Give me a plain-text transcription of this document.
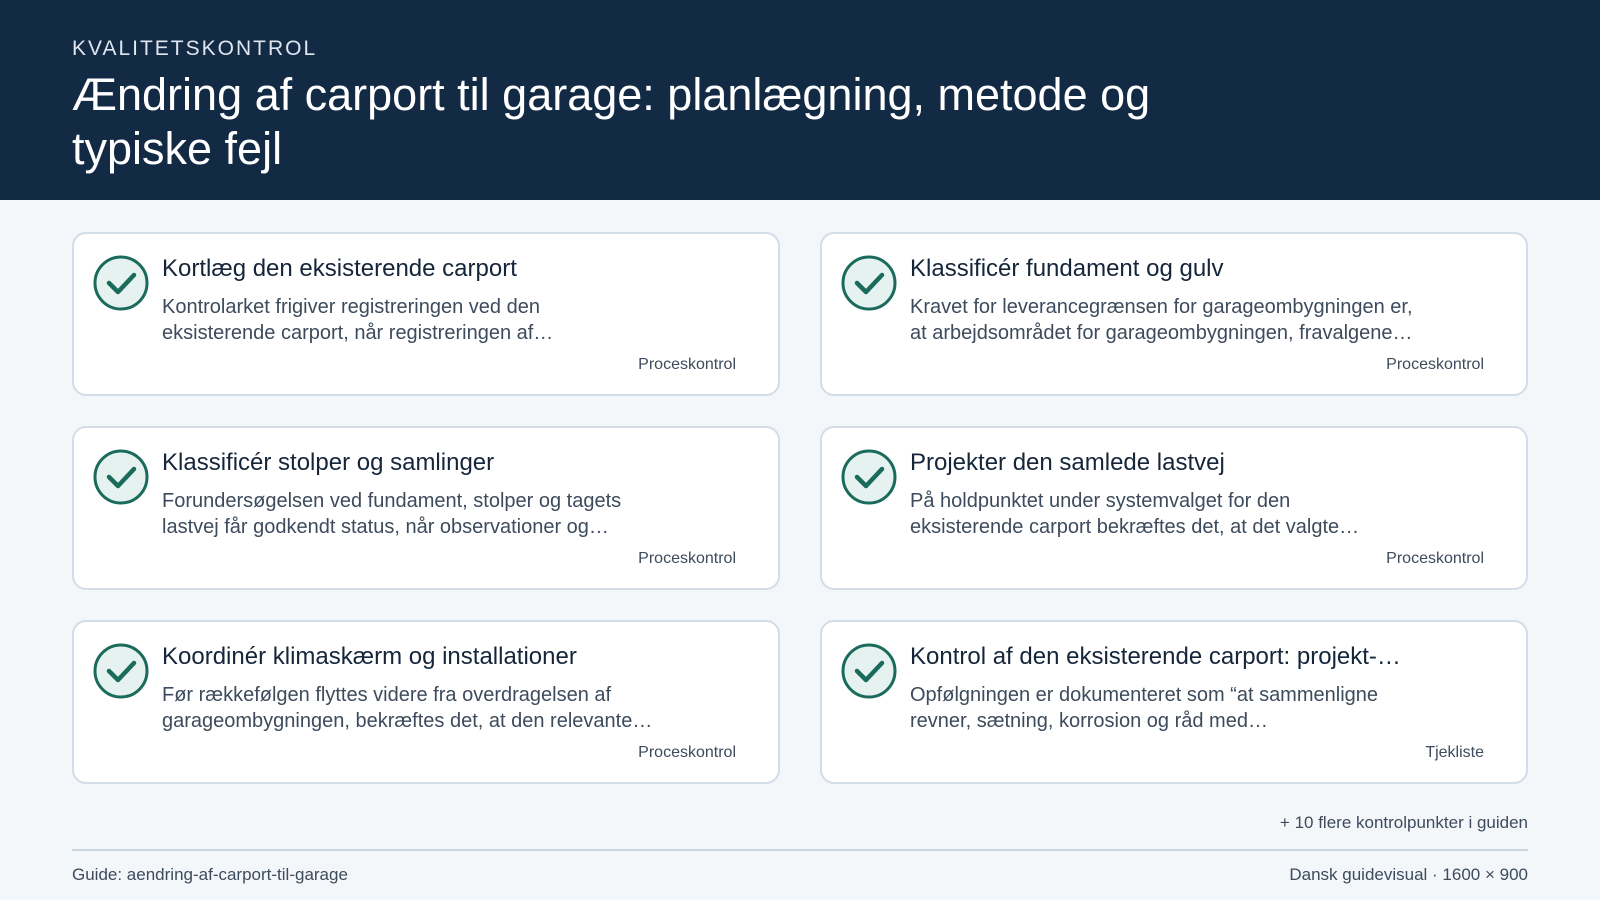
KVALITETSKONTROL
Ændring af carport til garage: planlægning, metode og typiske fejl
Kortlæg den eksisterende carport
Kontrolarket frigiver registreringen ved den
eksisterende carport, når registreringen af…
Proceskontrol
Klassificér fundament og gulv
Kravet for leverancegrænsen for garageombygningen er,
at arbejdsområdet for garageombygningen, fravalgene…
Proceskontrol
Klassificér stolper og samlinger
Forundersøgelsen ved fundament, stolper og tagets
lastvej får godkendt status, når observationer og…
Proceskontrol
Projekter den samlede lastvej
På holdpunktet under systemvalget for den
eksisterende carport bekræftes det, at det valgte…
Proceskontrol
Koordinér klimaskærm og installationer
Før rækkefølgen flyttes videre fra overdragelsen af
garageombygningen, bekræftes det, at den relevante…
Proceskontrol
Kontrol af den eksisterende carport: projekt-…
Opfølgningen er dokumenteret som “at sammenligne
revner, sætning, korrosion og råd med…
Tjekliste
+ 10 flere kontrolpunkter i guiden
Guide: aendring-af-carport-til-garage	Dansk guidevisual · 1600 × 900
